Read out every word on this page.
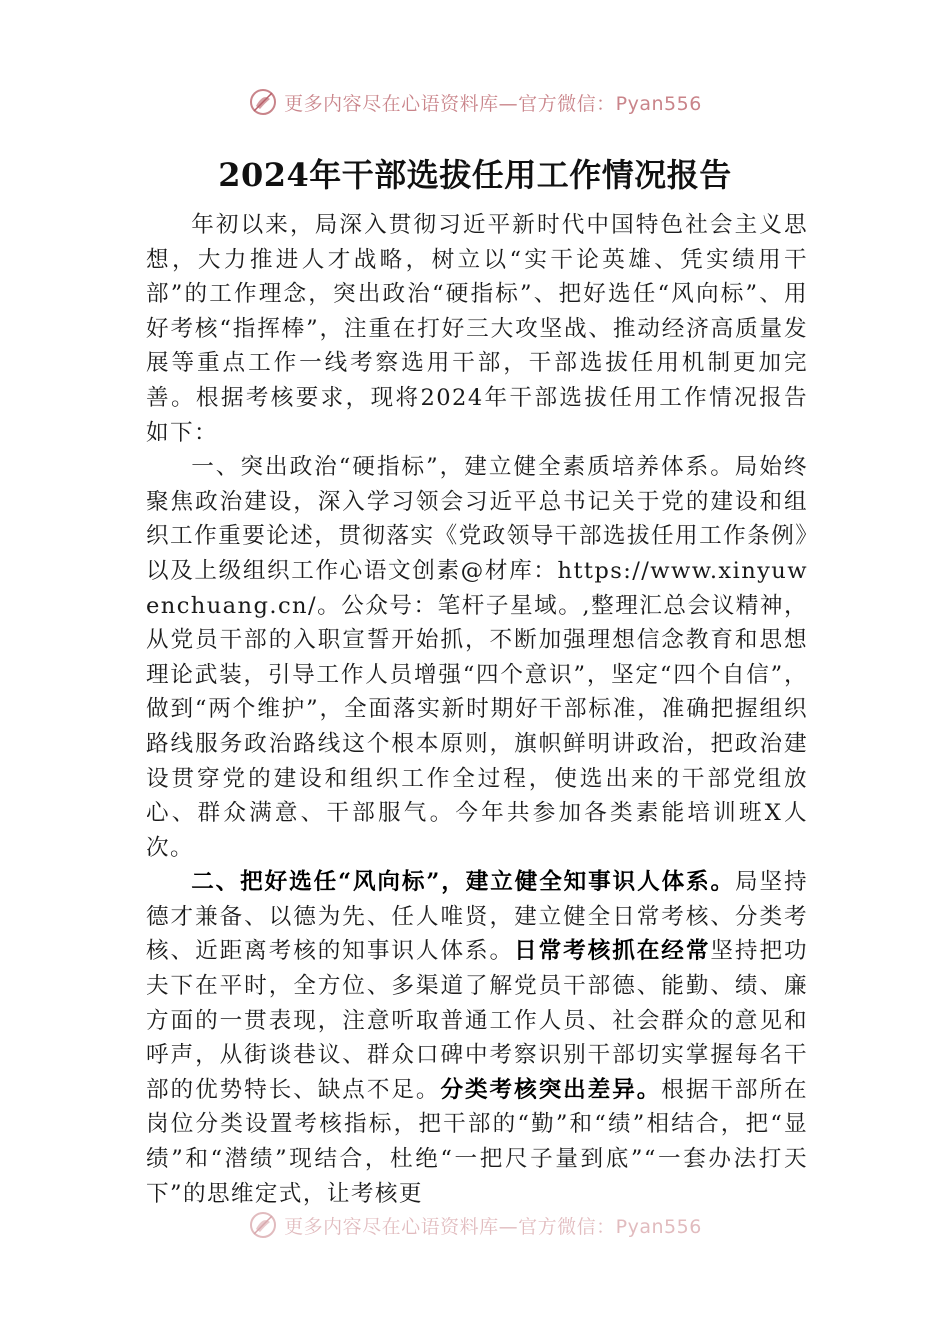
更多内容尽在心语资料库—官方微信：Pyan556
2024年干部选拔任用工作情况报告

年初以来，局深入贯彻习近平新时代中国特色社会主义思想，大力推进人才战略，树立以“实干论英雄、凭实绩用干部”的工作理念，突出政治“硬指标”、把好选任“风向标”、用好考核“指挥棒”，注重在打好三大攻坚战、推动经济高质量发展等重点工作一线考察选用干部，干部选拔任用机制更加完善。根据考核要求，现将2024年干部选拔任用工作情况报告如下：

一、突出政治“硬指标”，建立健全素质培养体系。局始终聚焦政治建设，深入学习领会习近平总书记关于党的建设和组织工作重要论述，贯彻落实《党政领导干部选拔任用工作条例》以及上级组织工作心语文创素@材库：https://www.xinyuwenchuang.cn/。公众号：笔杆子星域。,整理汇总会议精神，从党员干部的入职宣誓开始抓，不断加强理想信念教育和思想理论武装，引导工作人员增强“四个意识”，坚定“四个自信”，做到“两个维护”，全面落实新时期好干部标准，准确把握组织路线服务政治路线这个根本原则，旗帜鲜明讲政治，把政治建设贯穿党的建设和组织工作全过程，使选出来的干部党组放心、群众满意、干部服气。今年共参加各类素能培训班X人次。

二、把好选任“风向标”，建立健全知事识人体系。局坚持德才兼备、以德为先、任人唯贤，建立健全日常考核、分类考核、近距离考核的知事识人体系。日常考核抓在经常坚持把功夫下在平时，全方位、多渠道了解党员干部德、能勤、绩、廉方面的一贯表现，注意听取普通工作人员、社会群众的意见和呼声，从街谈巷议、群众口碑中考察识别干部切实掌握每名干部的优势特长、缺点不足。分类考核突出差异。根据干部所在岗位分类设置考核指标，把干部的“勤”和“绩”相结合，把“显绩”和“潜绩”现结合，杜绝“一把尺子量到底”“一套办法打天下”的思维定式，让考核更

更多内容尽在心语资料库—官方微信：Pyan556
